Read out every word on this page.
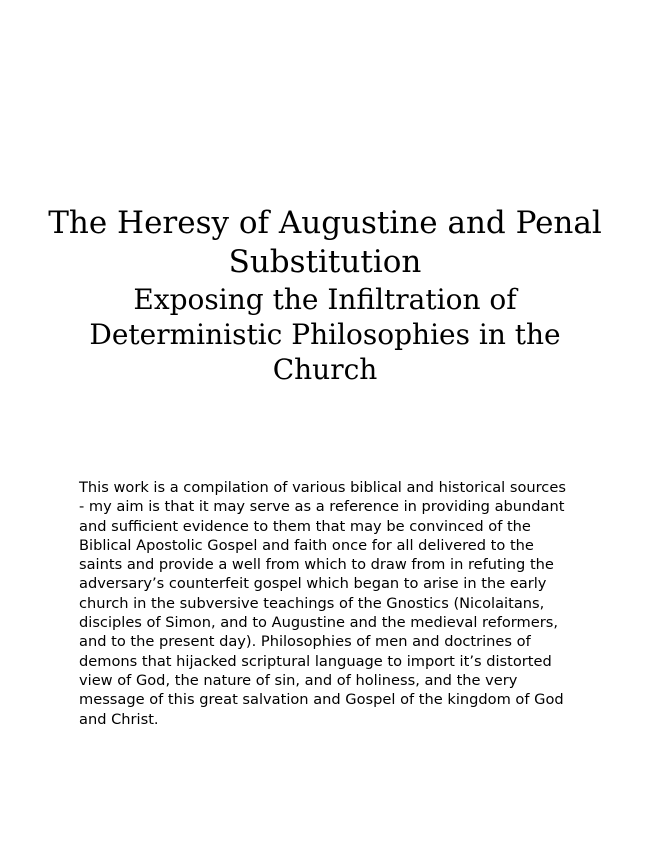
The Heresy of Augustine and Penal Substitution
Exposing the Infiltration of Deterministic Philosophies in the Church

This work is a compilation of various biblical and historical sources - my aim is that it may serve as a reference in providing abundant and sufficient evidence to them that may be convinced of the Biblical Apostolic Gospel and faith once for all delivered to the saints and provide a well from which to draw from in refuting the adversary’s counterfeit gospel which began to arise in the early church in the subversive teachings of the Gnostics (Nicolaitans, disciples of Simon, and to Augustine and the medieval reformers, and to the present day). Philosophies of men and doctrines of demons that hijacked scriptural language to import it’s distorted view of God, the nature of sin, and of holiness, and the very message of this great salvation and Gospel of the kingdom of God and Christ.
